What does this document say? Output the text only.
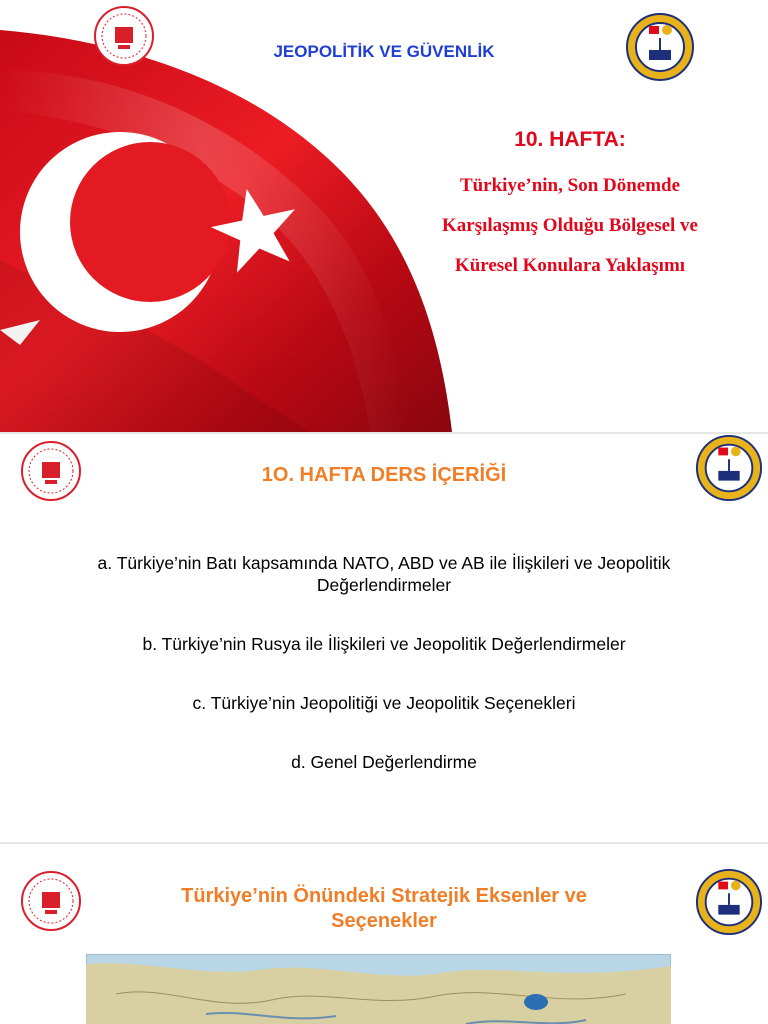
JEOPOLİTİK VE GÜVENLİK
10. HAFTA:
Türkiye’nin, Son Dönemde
Karşılaşmış Olduğu Bölgesel ve
Küresel Konulara Yaklaşımı
1O. HAFTA DERS İÇERİĞİ
a. Türkiye’nin Batı kapsamında NATO, ABD ve AB ile İlişkileri ve Jeopolitik
Değerlendirmeler
b. Türkiye’nin Rusya ile İlişkileri ve Jeopolitik Değerlendirmeler
c. Türkiye’nin Jeopolitiği ve Jeopolitik Seçenekleri
d. Genel Değerlendirme
Türkiye’nin Önündeki Stratejik Eksenler ve
Seçenekler
